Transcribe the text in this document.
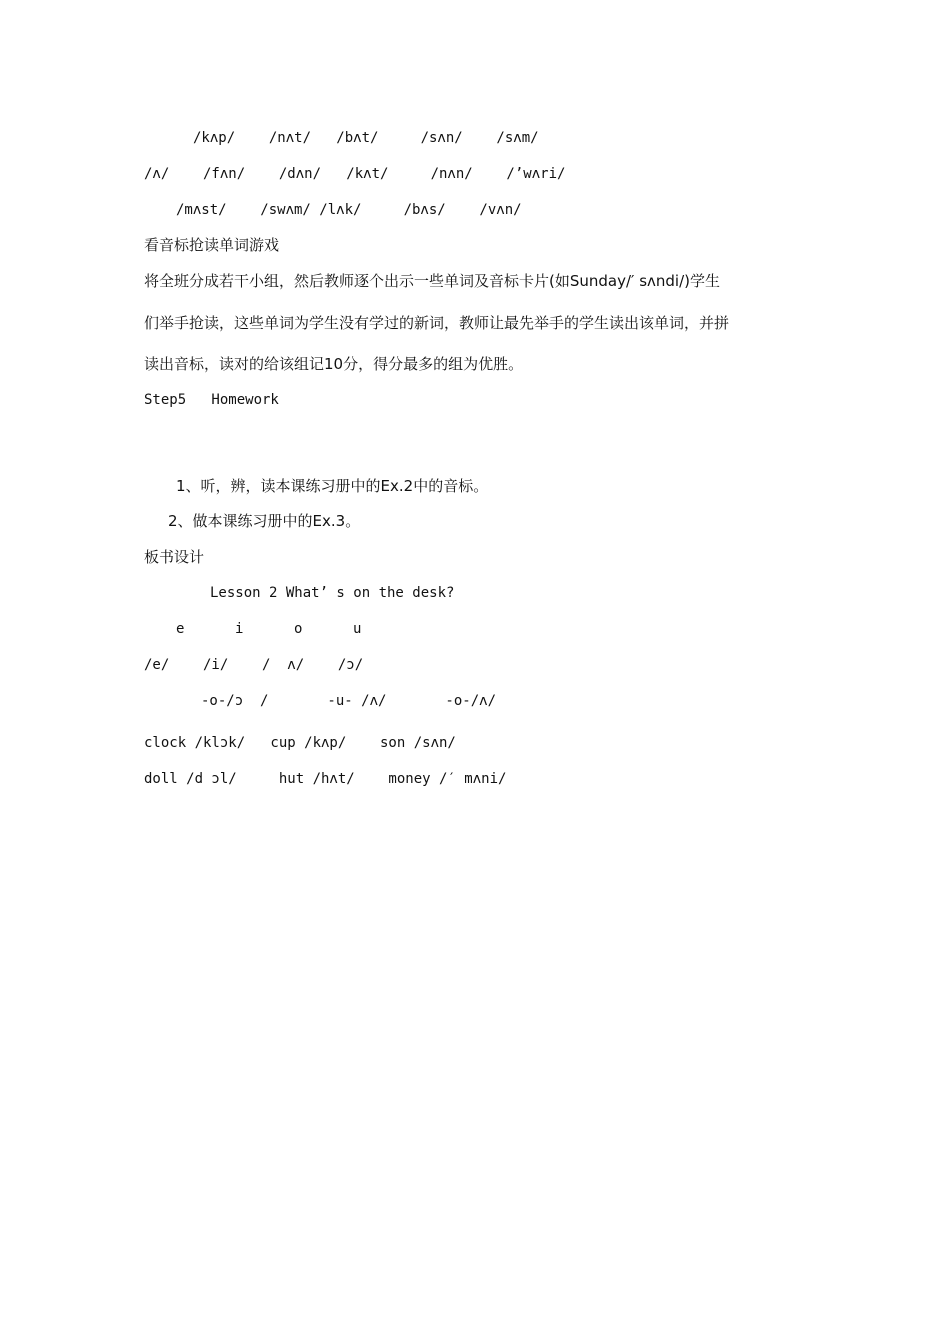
/kʌp/    /nʌt/   /bʌt/     /sʌn/    /sʌm/
/ʌ/    /fʌn/    /dʌn/   /kʌt/     /nʌn/    /’wʌri/
/mʌst/    /swʌm/ /lʌk/     /bʌs/    /vʌn/
看音标抢读单词游戏
将全班分成若干小组，然后教师逐个出示一些单词及音标卡片(如Sunday/′ sʌndi/)学生
们举手抢读，这些单词为学生没有学过的新词，教师让最先举手的学生读出该单词，并拼
读出音标，读对的给该组记10分，得分最多的组为优胜。
Step5   Homework
1、听，辨，读本课练习册中的Ex.2中的音标。
2、做本课练习册中的Ex.3。
板书设计
Lesson 2 What’ s on the desk?
e      i      o      u
/e/    /i/    /  ʌ/    /ɔ/
-o-/ɔ  /       -u- /ʌ/       -o-/ʌ/
clock /klɔk/   cup /kʌp/    son /sʌn/
doll /d ɔl/     hut /hʌt/    money /′ mʌni/
